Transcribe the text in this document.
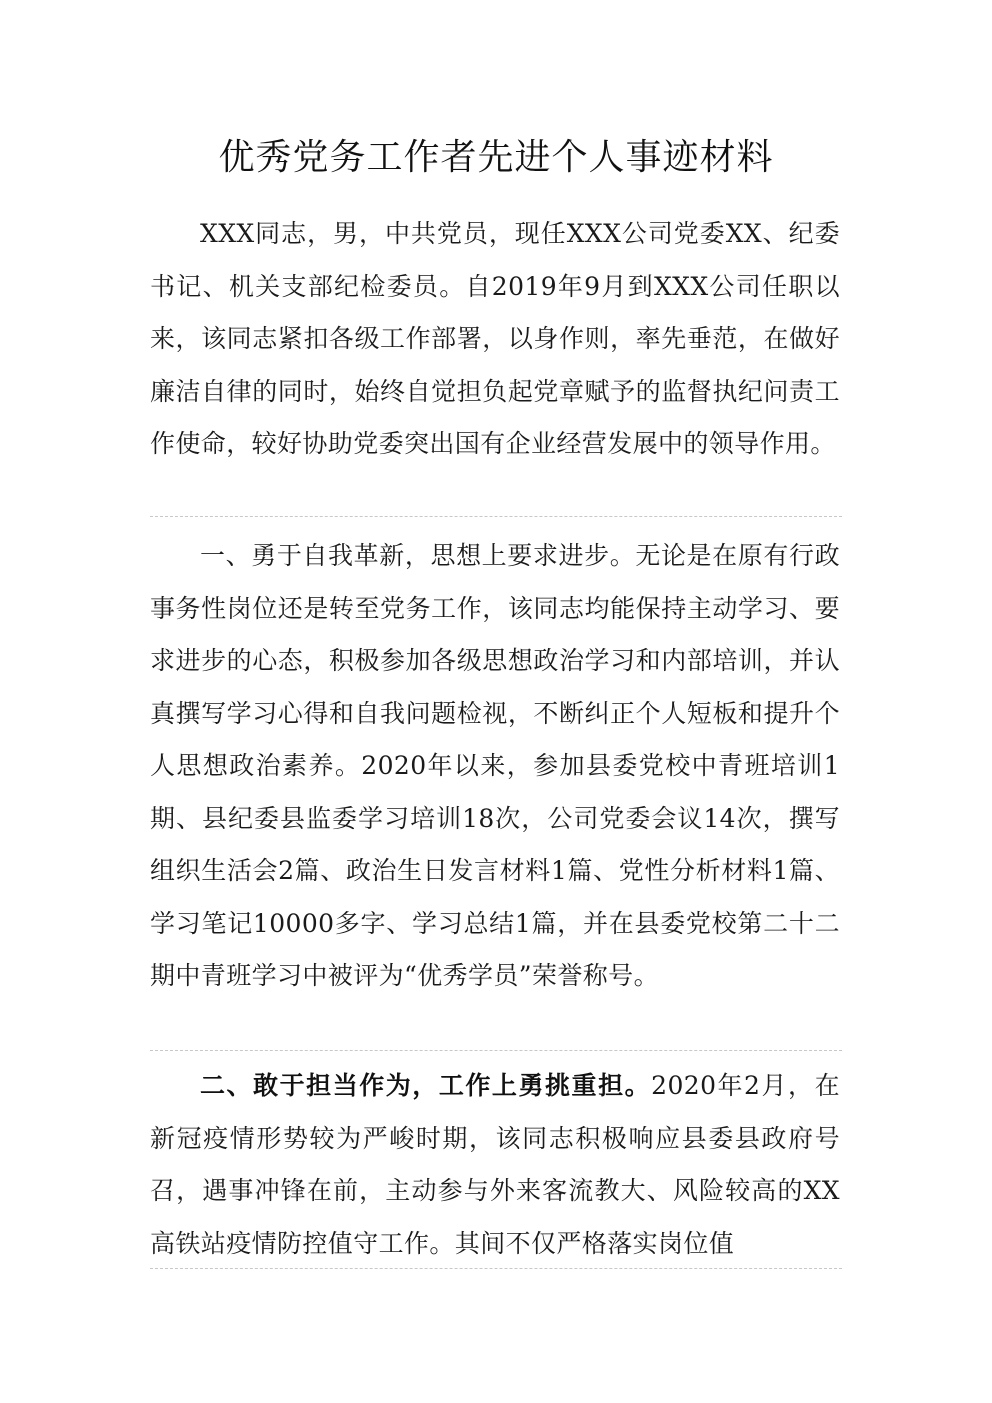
优秀党务工作者先进个人事迹材料

XXX同志，男，中共党员，现任XXX公司党委XX、纪委书记、机关支部纪检委员。自2019年9月到XXX公司任职以来，该同志紧扣各级工作部署，以身作则，率先垂范，在做好廉洁自律的同时，始终自觉担负起党章赋予的监督执纪问责工作使命，较好协助党委突出国有企业经营发展中的领导作用。

一、勇于自我革新，思想上要求进步。无论是在原有行政事务性岗位还是转至党务工作，该同志均能保持主动学习、要求进步的心态，积极参加各级思想政治学习和内部培训，并认真撰写学习心得和自我问题检视，不断纠正个人短板和提升个人思想政治素养。2020年以来，参加县委党校中青班培训1期、县纪委县监委学习培训18次，公司党委会议14次，撰写组织生活会2篇、政治生日发言材料1篇、党性分析材料1篇、学习笔记10000多字、学习总结1篇，并在县委党校第二十二期中青班学习中被评为“优秀学员”荣誉称号。

二、敢于担当作为，工作上勇挑重担。2020年2月，在新冠疫情形势较为严峻时期，该同志积极响应县委县政府号召，遇事冲锋在前，主动参与外来客流教大、风险较高的XX高铁站疫情防控值守工作。其间不仅严格落实岗位值
